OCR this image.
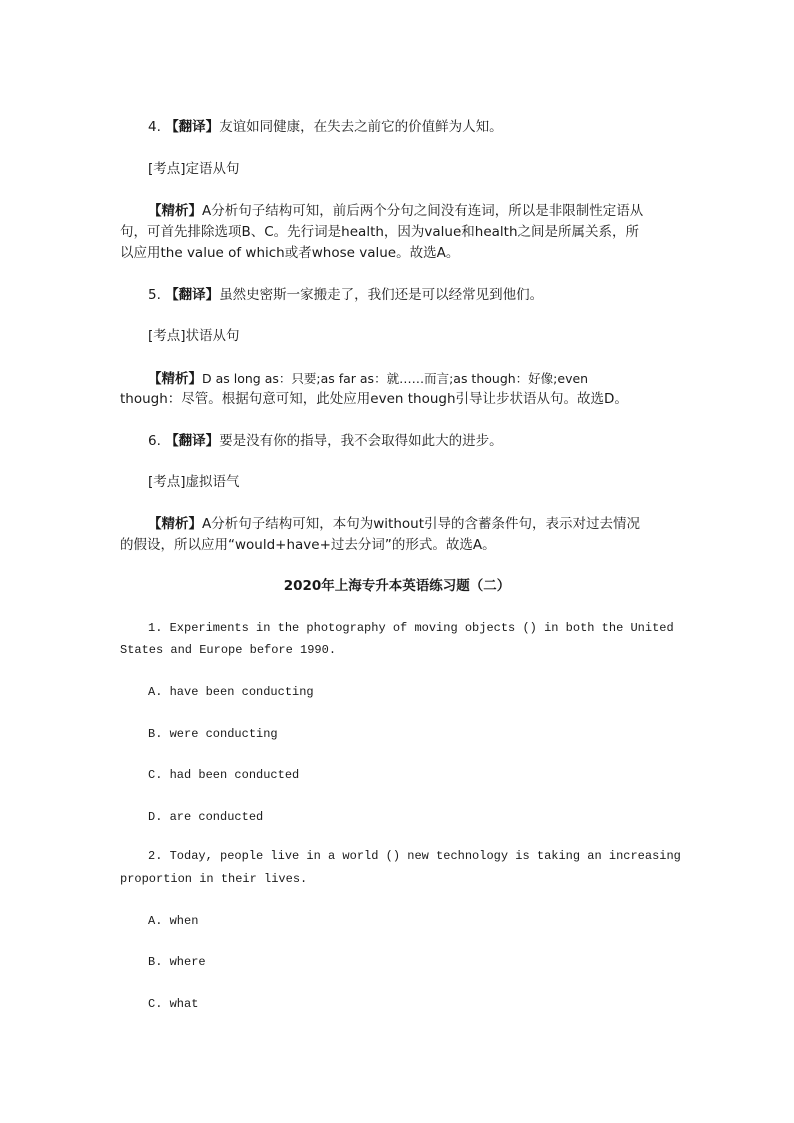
4. 【翻译】友谊如同健康，在失去之前它的价值鲜为人知。
[考点]定语从句
【精析】A分析句子结构可知，前后两个分句之间没有连词，所以是非限制性定语从
句，可首先排除选项B、C。先行词是health，因为value和health之间是所属关系，所
以应用the value of which或者whose value。故选A。
5. 【翻译】虽然史密斯一家搬走了，我们还是可以经常见到他们。
[考点]状语从句
【精析】D as long as：只要;as far as：就……而言;as though：好像;even
though：尽管。根据句意可知，此处应用even though引导让步状语从句。故选D。
6. 【翻译】要是没有你的指导，我不会取得如此大的进步。
[考点]虚拟语气
【精析】A分析句子结构可知，本句为without引导的含蓄条件句，表示对过去情况
的假设，所以应用“would+have+过去分词”的形式。故选A。
2020年上海专升本英语练习题（二）
1. Experiments in the photography of moving objects () in both the United
States and Europe before 1990.
A. have been conducting
B. were conducting
C. had been conducted
D. are conducted
2. Today, people live in a world () new technology is taking an increasing
proportion in their lives.
A. when
B. where
C. what
